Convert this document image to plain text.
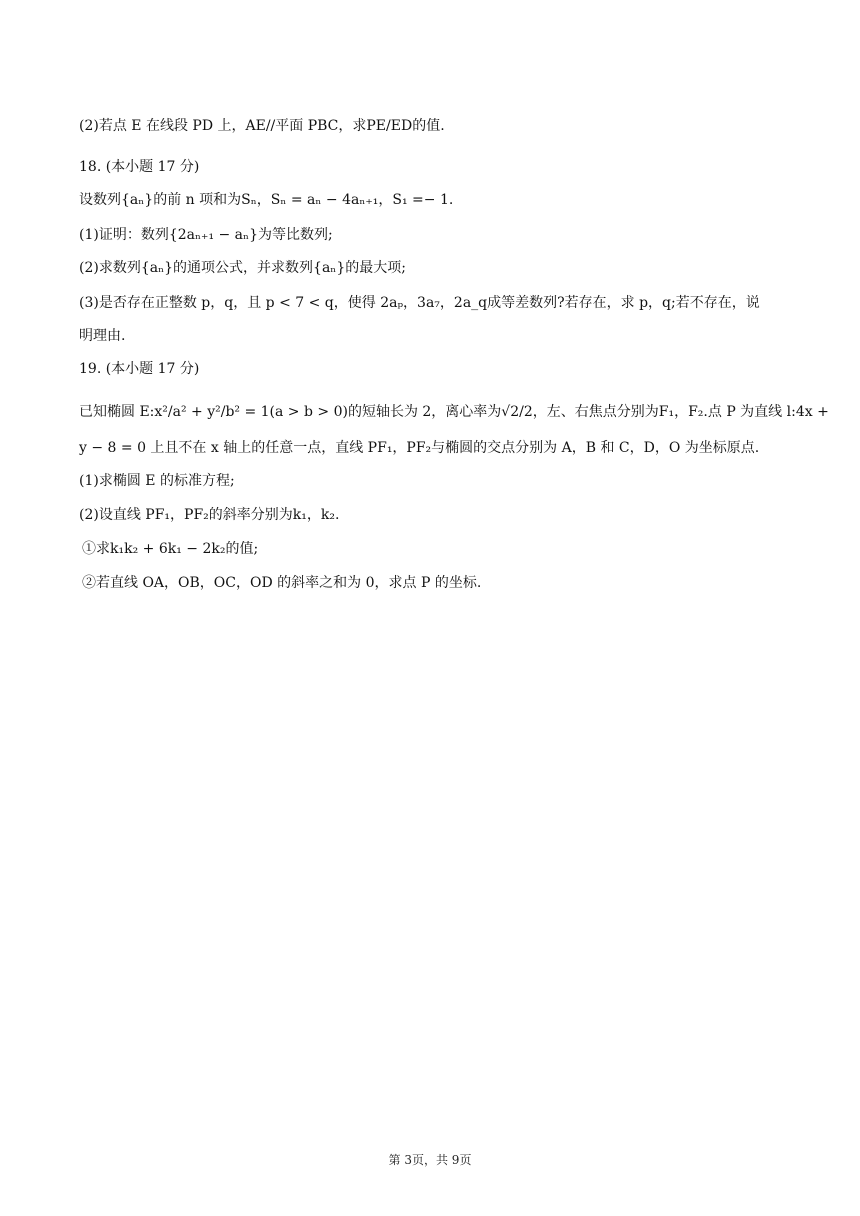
(2)若点 E 在线段 PD 上，AE//平面 PBC，求PE/ED的值.
18. (本小题 17 分)
设数列{aₙ}的前 n 项和为Sₙ，Sₙ = aₙ − 4aₙ₊₁，S₁ =− 1.
(1)证明：数列{2aₙ₊₁ − aₙ}为等比数列;
(2)求数列{aₙ}的通项公式，并求数列{aₙ}的最大项;
(3)是否存在正整数 p，q，且 p < 7 < q，使得 2aₚ，3a₇，2a_q成等差数列?若存在，求 p，q;若不存在，说
明理由.
19. (本小题 17 分)
已知椭圆 E:x²/a² + y²/b² = 1(a > b > 0)的短轴长为 2，离心率为√2/2，左、右焦点分别为F₁，F₂.点 P 为直线 l:4x +
y − 8 = 0 上且不在 x 轴上的任意一点，直线 PF₁，PF₂与椭圆的交点分别为 A，B 和 C，D，O 为坐标原点.
(1)求椭圆 E 的标准方程;
(2)设直线 PF₁，PF₂的斜率分别为k₁，k₂.
①求k₁k₂ + 6k₁ − 2k₂的值;
②若直线 OA，OB，OC，OD 的斜率之和为 0，求点 P 的坐标.
第 3页，共 9页
